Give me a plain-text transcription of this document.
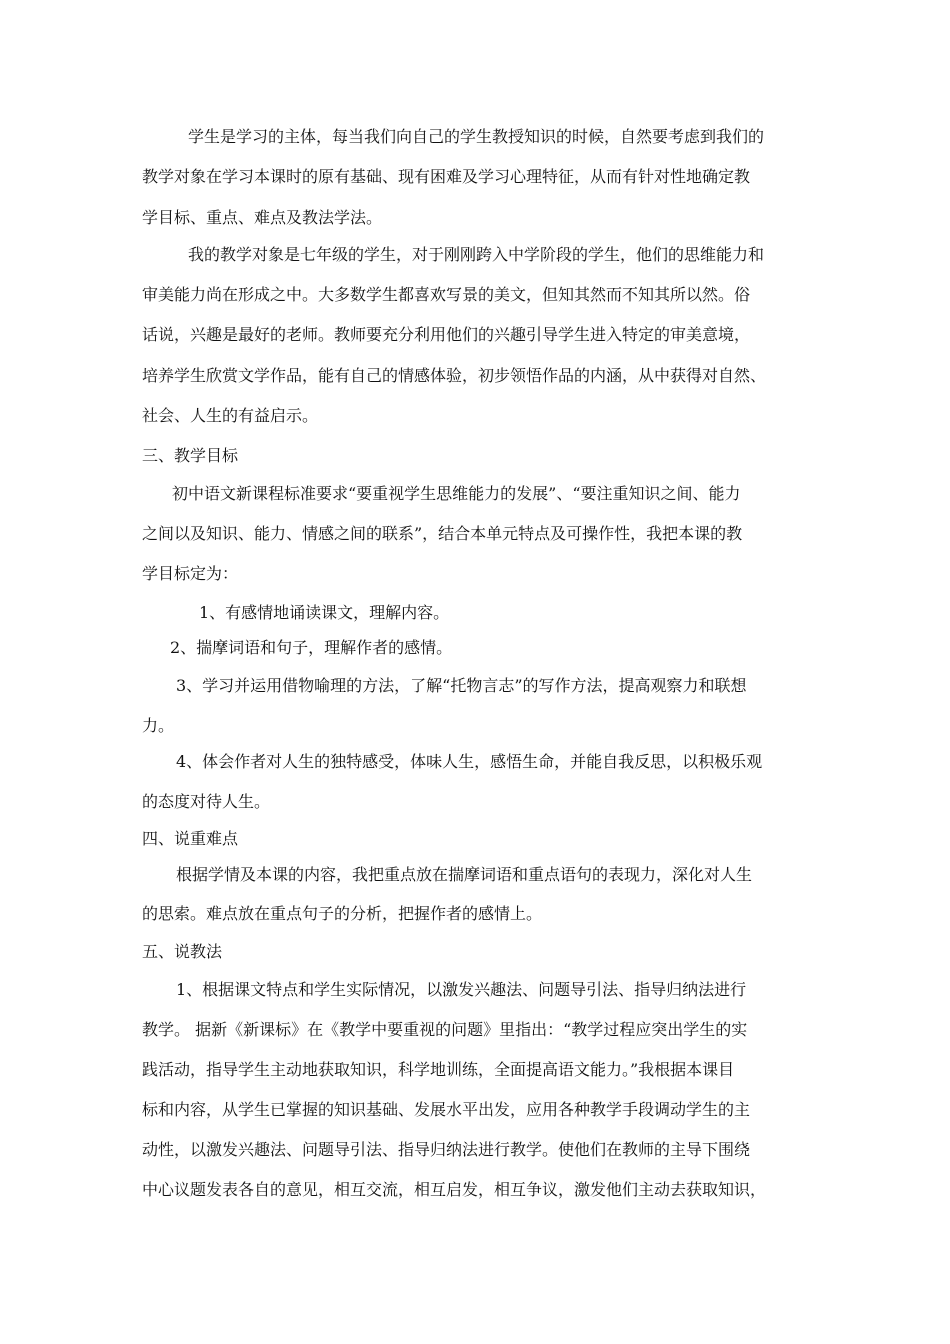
学生是学习的主体，每当我们向自己的学生教授知识的时候，自然要考虑到我们的
教学对象在学习本课时的原有基础、现有困难及学习心理特征，从而有针对性地确定教
学目标、重点、难点及教法学法。
我的教学对象是七年级的学生，对于刚刚跨入中学阶段的学生，他们的思维能力和
审美能力尚在形成之中。大多数学生都喜欢写景的美文，但知其然而不知其所以然。俗
话说，兴趣是最好的老师。教师要充分利用他们的兴趣引导学生进入特定的审美意境，
培养学生欣赏文学作品，能有自己的情感体验，初步领悟作品的内涵，从中获得对自然、
社会、人生的有益启示。
三、教学目标
初中语文新课程标准要求“要重视学生思维能力的发展”、“要注重知识之间、能力
之间以及知识、能力、情感之间的联系”，结合本单元特点及可操作性，我把本课的教
学目标定为：
1、有感情地诵读课文，理解内容。
2、揣摩词语和句子，理解作者的感情。
3、学习并运用借物喻理的方法，了解“托物言志”的写作方法，提高观察力和联想
力。
4、体会作者对人生的独特感受，体味人生，感悟生命，并能自我反思，以积极乐观
的态度对待人生。
四、说重难点
根据学情及本课的内容，我把重点放在揣摩词语和重点语句的表现力，深化对人生
的思索。难点放在重点句子的分析，把握作者的感情上。
五、说教法
1、根据课文特点和学生实际情况，以激发兴趣法、问题导引法、指导归纳法进行
教学。 据新《新课标》在《教学中要重视的问题》里指出：“教学过程应突出学生的实
践活动，指导学生主动地获取知识，科学地训练，全面提高语文能力。”我根据本课目
标和内容，从学生已掌握的知识基础、发展水平出发，应用各种教学手段调动学生的主
动性，以激发兴趣法、问题导引法、指导归纳法进行教学。使他们在教师的主导下围绕
中心议题发表各自的意见，相互交流，相互启发，相互争议，激发他们主动去获取知识，
